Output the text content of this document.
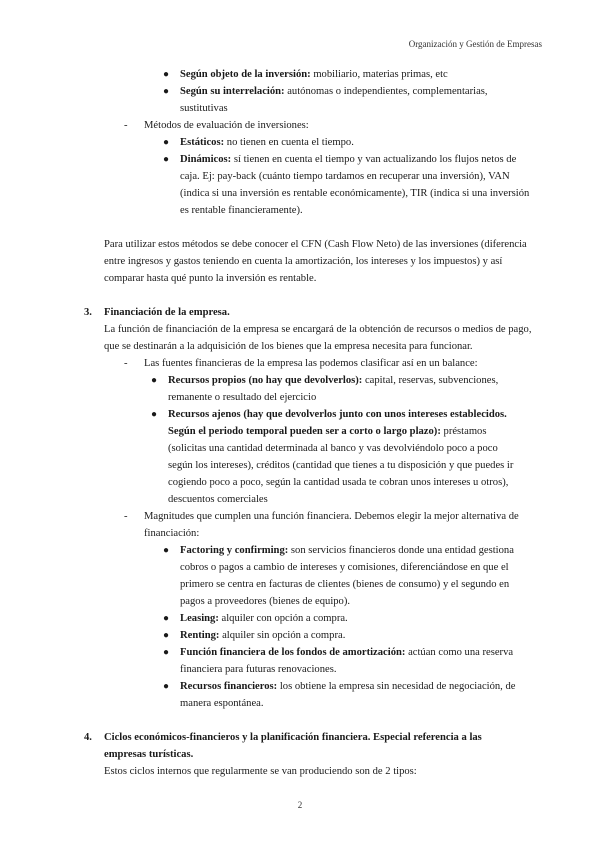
Organización y Gestión de Empresas
● Según objeto de la inversión: mobiliario, materias primas, etc
● Según su interrelación: autónomas o independientes, complementarias,
sustitutivas
- Métodos de evaluación de inversiones:
● Estáticos: no tienen en cuenta el tiempo.
● Dinámicos: sí tienen en cuenta el tiempo y van actualizando los flujos netos de
caja. Ej: pay-back (cuánto tiempo tardamos en recuperar una inversión), VAN
(indica si una inversión es rentable económicamente), TIR (indica si una inversión
es rentable financieramente).
Para utilizar estos métodos se debe conocer el CFN (Cash Flow Neto) de las inversiones (diferencia
entre ingresos y gastos teniendo en cuenta la amortización, los intereses y los impuestos) y así
comparar hasta qué punto la inversión es rentable.
3. Financiación de la empresa.
La función de financiación de la empresa se encargará de la obtención de recursos o medios de pago,
que se destinarán a la adquisición de los bienes que la empresa necesita para funcionar.
- Las fuentes financieras de la empresa las podemos clasificar así en un balance:
● Recursos propios (no hay que devolverlos): capital, reservas, subvenciones,
remanente o resultado del ejercicio
● Recursos ajenos (hay que devolverlos junto con unos intereses establecidos.
Según el periodo temporal pueden ser a corto o largo plazo): préstamos
(solicitas una cantidad determinada al banco y vas devolviéndolo poco a poco
según los intereses), créditos (cantidad que tienes a tu disposición y que puedes ir
cogiendo poco a poco, según la cantidad usada te cobran unos intereses u otros),
descuentos comerciales
- Magnitudes que cumplen una función financiera. Debemos elegir la mejor alternativa de
financiación:
● Factoring y confirming: son servicios financieros donde una entidad gestiona
cobros o pagos a cambio de intereses y comisiones, diferenciándose en que el
primero se centra en facturas de clientes (bienes de consumo) y el segundo en
pagos a proveedores (bienes de equipo).
● Leasing: alquiler con opción a compra.
● Renting: alquiler sin opción a compra.
● Función financiera de los fondos de amortización: actúan como una reserva
financiera para futuras renovaciones.
● Recursos financieros: los obtiene la empresa sin necesidad de negociación, de
manera espontánea.
4. Ciclos económicos-financieros y la planificación financiera. Especial referencia a las
empresas turísticas.
Estos ciclos internos que regularmente se van produciendo son de 2 tipos:
2
